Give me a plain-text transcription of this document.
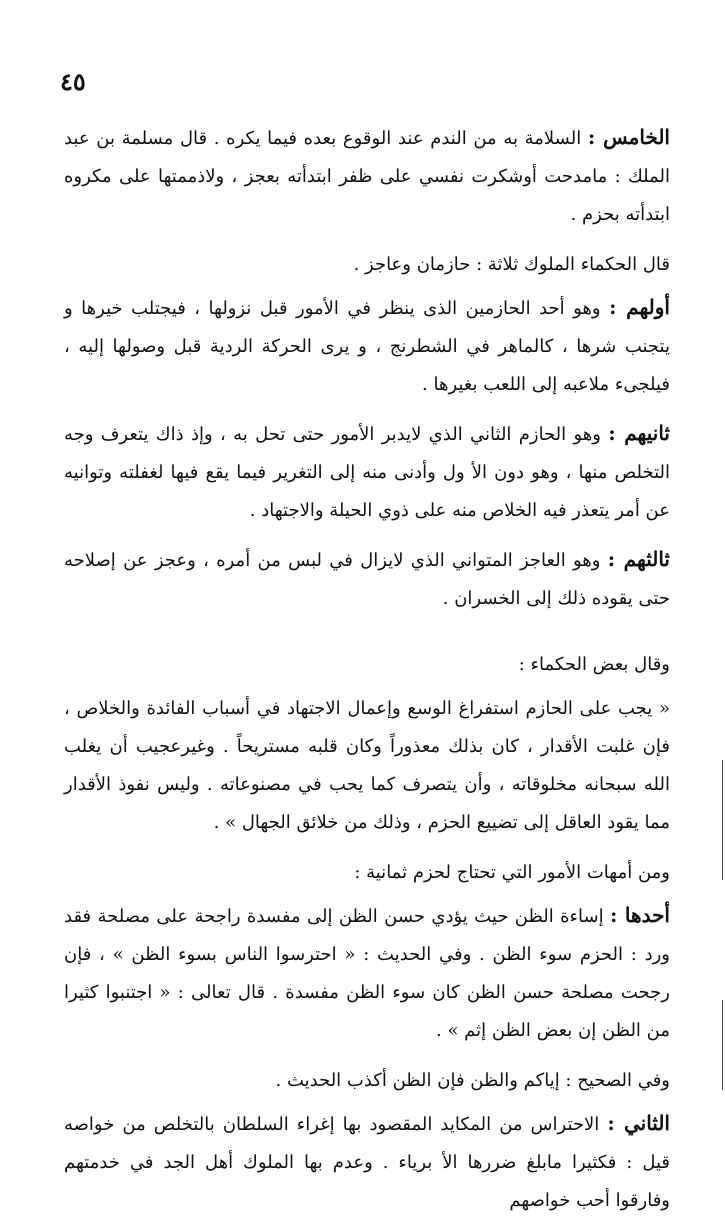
٤٥

الخامس : السلامة به من الندم عند الوقوع بعده فيما يكره . قال مسلمة بن عبد الملك : مامدحت أوشكرت نفسي على ظفر ابتدأته بعجز ، ولاذممتها على مكروه ابتدأته بحزم .

قال الحكماء الملوك ثلاثة : حازمان وعاجز .

أولهم : وهو أحد الحازمين الذى ينظر في الأمور قبل نزولها ، فيجتلب خيرها و يتجنب شرها ، كالماهر في الشطرنج ، و يرى الحركة الردية قبل وصولها إليه ، فيلجىء ملاعبه إلى اللعب بغيرها .

ثانيهم : وهو الحازم الثاني الذي لايدبر الأمور حتى تحل به ، وإذ ذاك يتعرف وجه التخلص منها ، وهو دون الأ ول وأدنى منه إلى التغرير فيما يقع فيها لغفلته وتوانيه عن أمر يتعذر فيه الخلاص منه على ذوي الحيلة والاجتهاد .

ثالثهم : وهو العاجز المتواني الذي لايزال في لبس من أمره ، وعجز عن إصلاحه حتى يقوده ذلك إلى الخسران .

وقال بعض الحكماء :

« يجب على الحازم استفراغ الوسع وإعمال الاجتهاد في أسباب الفائدة والخلاص ، فإن غلبت الأقدار ، كان بذلك معذوراً وكان قلبه مستريحاً . وغيرعجيب أن يغلب الله سبحانه مخلوقاته ، وأن يتصرف كما يحب في مصنوعاته . وليس نفوذ الأقدار مما يقود العاقل إلى تضييع الحزم ، وذلك من خلائق الجهال » .

ومن أمهات الأمور التي تحتاج لحزم ثمانية :

أحدها : إساءة الظن حيث يؤدي حسن الظن إلى مفسدة راجحة على مصلحة فقد ورد : الحزم سوء الظن . وفي الحديث : « احترسوا الناس بسوء الظن » ، فإن رجحت مصلحة حسن الظن كان سوء الظن مفسدة . قال تعالى : « اجتنبوا كثيرا من الظن إن بعض الظن إثم » .

وفي الصحيح : إياكم والظن فإن الظن أكذب الحديث .

الثاني : الاحتراس من المكايد المقصود بها إغراء السلطان بالتخلص من خواصه قيل : فكثيرا مابلغ ضررها الأ برياء . وعدم بها الملوك أهل الجد في خدمتهم وفارقوا أحب خواصهم
